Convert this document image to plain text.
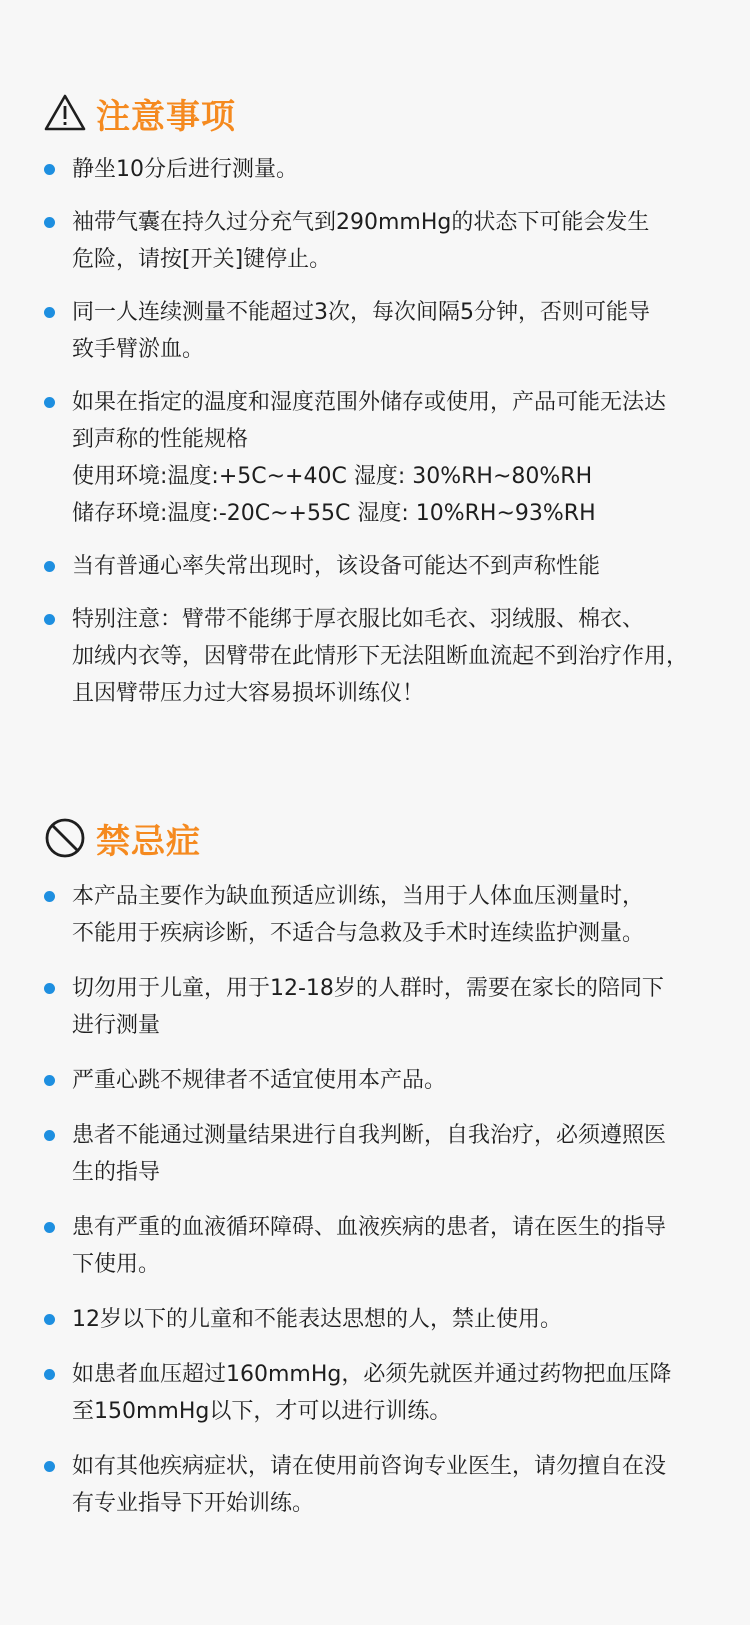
注意事项
静坐10分后进行测量。
袖带气囊在持久过分充气到290mmHg的状态下可能会发生
危险，请按[开关]键停止。
同一人连续测量不能超过3次，每次间隔5分钟，否则可能导
致手臂淤血。
如果在指定的温度和湿度范围外储存或使用，产品可能无法达
到声称的性能规格
使用环境:温度:+5C~+40C 湿度: 30%RH~80%RH
储存环境:温度:-20C~+55C 湿度: 10%RH~93%RH
当有普通心率失常出现时，该设备可能达不到声称性能
特别注意：臂带不能绑于厚衣服比如毛衣、羽绒服、棉衣、
加绒内衣等，因臂带在此情形下无法阻断血流起不到治疗作用，
且因臂带压力过大容易损坏训练仪！
禁忌症
本产品主要作为缺血预适应训练，当用于人体血压测量时，
不能用于疾病诊断，不适合与急救及手术时连续监护测量。
切勿用于儿童，用于12-18岁的人群时，需要在家长的陪同下
进行测量
严重心跳不规律者不适宜使用本产品。
患者不能通过测量结果进行自我判断，自我治疗，必须遵照医
生的指导
患有严重的血液循环障碍、血液疾病的患者，请在医生的指导
下使用。
12岁以下的儿童和不能表达思想的人，禁止使用。
如患者血压超过160mmHg，必须先就医并通过药物把血压降
至150mmHg以下，才可以进行训练。
如有其他疾病症状，请在使用前咨询专业医生，请勿擅自在没
有专业指导下开始训练。
